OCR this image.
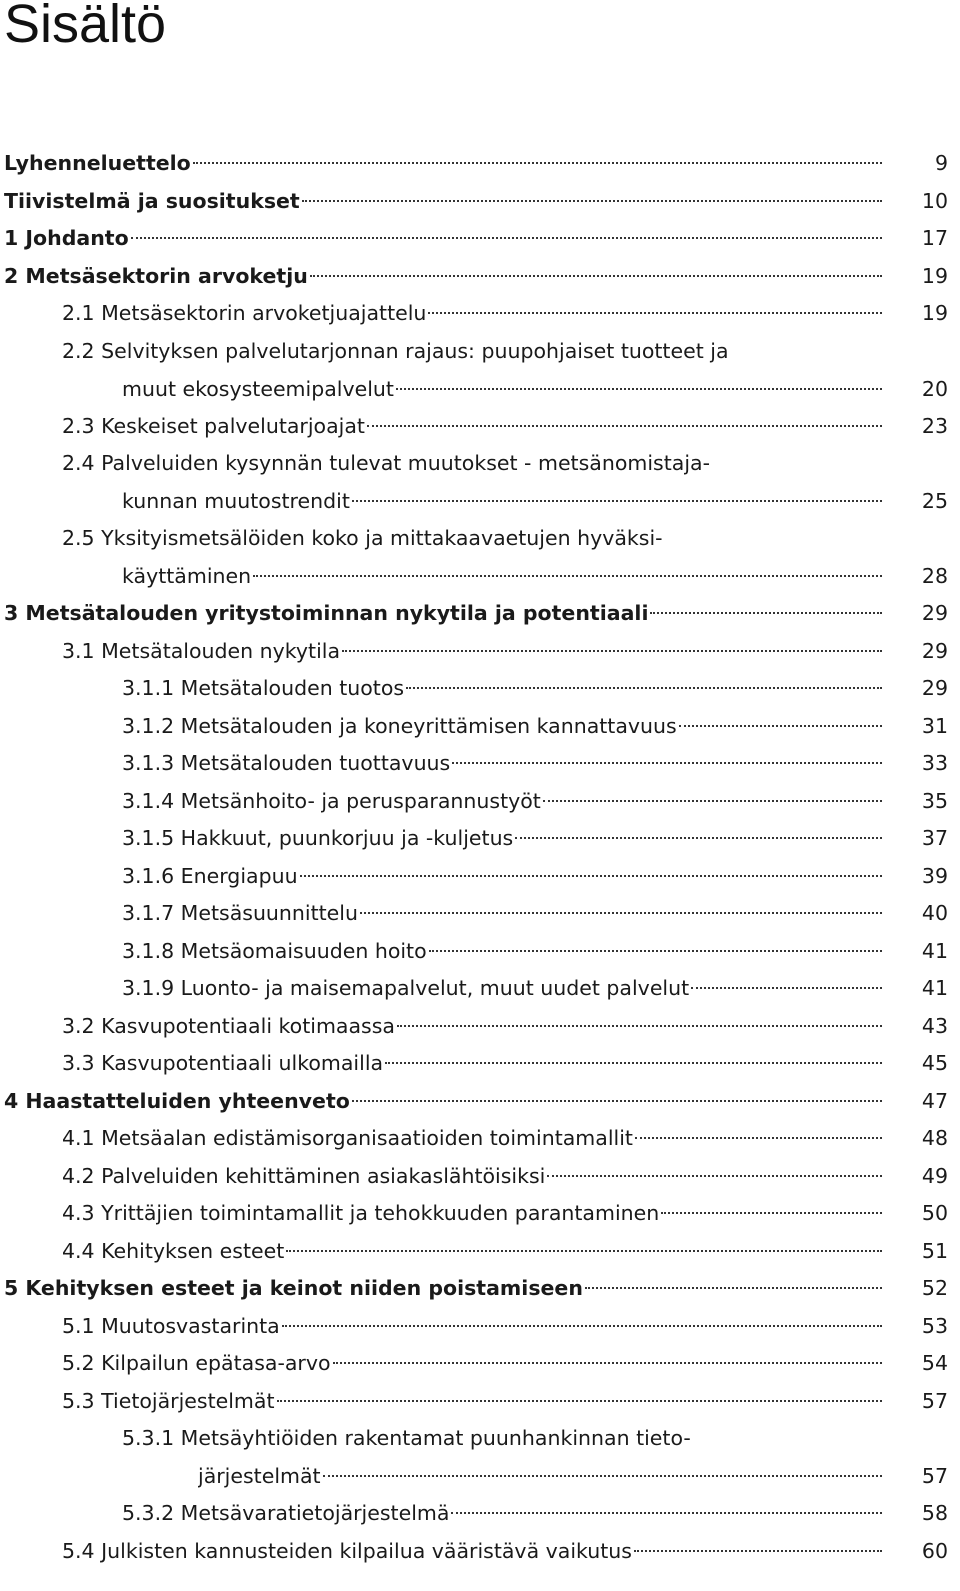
Sisältö
Lyhenneluettelo	9
Tiivistelmä ja suositukset	10
1 Johdanto	17
2 Metsäsektorin arvoketju	19
2.1 Metsäsektorin arvoketjuajattelu	19
2.2 Selvityksen palvelutarjonnan rajaus: puupohjaiset tuotteet ja
muut ekosysteemipalvelut	20
2.3 Keskeiset palvelutarjoajat	23
2.4 Palveluiden kysynnän tulevat muutokset - metsänomistaja-
kunnan muutostrendit	25
2.5 Yksityismetsälöiden koko ja mittakaavaetujen hyväksi-
käyttäminen	28
3 Metsätalouden yritystoiminnan nykytila ja potentiaali	29
3.1 Metsätalouden nykytila	29
3.1.1 Metsätalouden tuotos	29
3.1.2 Metsätalouden ja koneyrittämisen kannattavuus	31
3.1.3 Metsätalouden tuottavuus	33
3.1.4 Metsänhoito- ja perusparannustyöt	35
3.1.5 Hakkuut, puunkorjuu ja -kuljetus	37
3.1.6 Energiapuu	39
3.1.7 Metsäsuunnittelu	40
3.1.8 Metsäomaisuuden hoito	41
3.1.9 Luonto- ja maisemapalvelut, muut uudet palvelut	41
3.2 Kasvupotentiaali kotimaassa	43
3.3 Kasvupotentiaali ulkomailla	45
4 Haastatteluiden yhteenveto	47
4.1 Metsäalan edistämisorganisaatioiden toimintamallit	48
4.2 Palveluiden kehittäminen asiakaslähtöisiksi	49
4.3 Yrittäjien toimintamallit ja tehokkuuden parantaminen	50
4.4 Kehityksen esteet	51
5 Kehityksen esteet ja keinot niiden poistamiseen	52
5.1 Muutosvastarinta	53
5.2 Kilpailun epätasa-arvo	54
5.3 Tietojärjestelmät	57
5.3.1 Metsäyhtiöiden rakentamat puunhankinnan tieto-
järjestelmät	57
5.3.2 Metsävaratietojärjestelmä	58
5.4 Julkisten kannusteiden kilpailua vääristävä vaikutus	60
